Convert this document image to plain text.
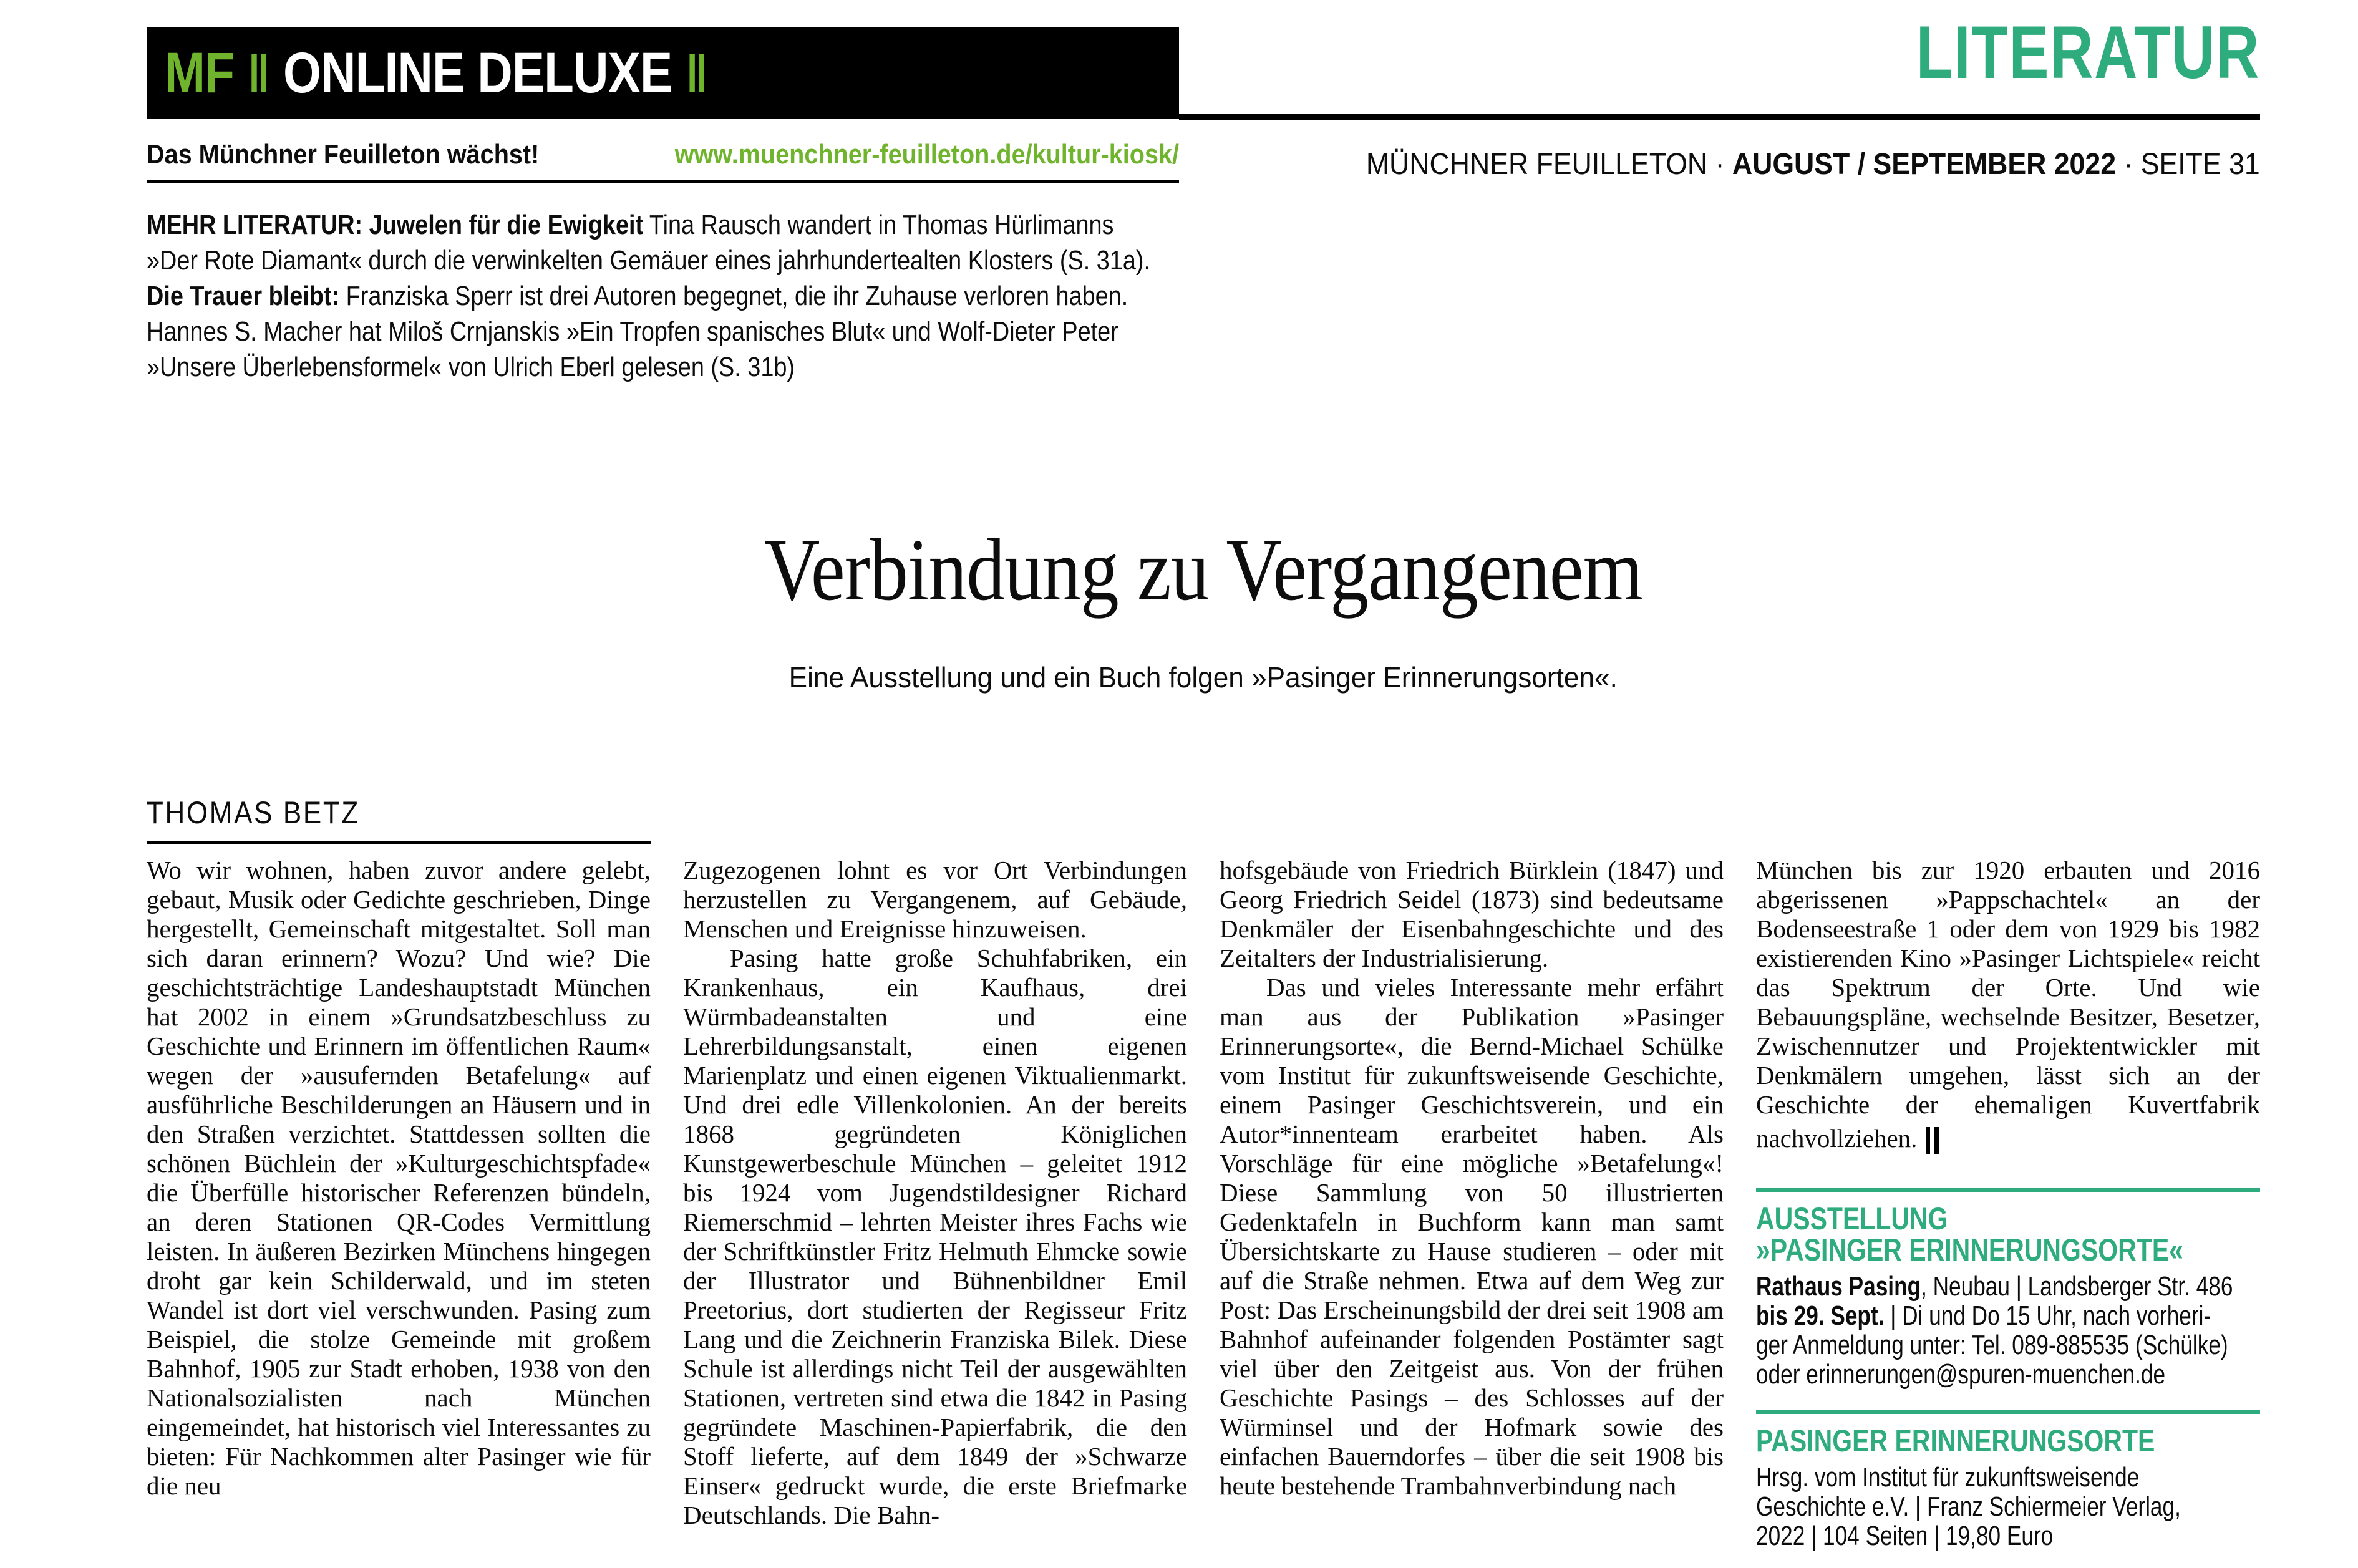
MF ‖ ONLINE DELUXE ‖
Das Münchner Feuilleton wächst!	www.muenchner-feuilleton.de/kultur-kiosk/
MEHR LITERATUR: Juwelen für die Ewigkeit Tina Rausch wandert in Thomas Hürlimanns
»Der Rote Diamant« durch die verwinkelten Gemäuer eines jahrhundertealten Klosters (S. 31a).
Die Trauer bleibt: Franziska Sperr ist drei Autoren begegnet, die ihr Zuhause verloren haben.
Hannes S. Macher hat Miloš Crnjanskis »Ein Tropfen spanisches Blut« und Wolf-Dieter Peter
»Unsere Überlebensformel« von Ulrich Eberl gelesen (S. 31b)
LITERATUR
MÜNCHNER FEUILLETON · AUGUST / SEPTEMBER 2022 · SEITE 31
Verbindung zu Vergangenem
Eine Ausstellung und ein Buch folgen »Pasinger Erinnerungsorten«.
THOMAS BETZ

Wo wir wohnen, haben zuvor andere gelebt, gebaut, Musik oder Gedichte geschrieben, Dinge hergestellt, Gemeinschaft mitgestaltet. Soll man sich daran erinnern? Wozu? Und wie? Die geschichtsträchtige Landeshauptstadt München hat 2002 in einem »Grundsatzbeschluss zu Geschichte und Erinnern im öffentlichen Raum« wegen der »ausufernden Betafelung« auf ausführliche Beschilderungen an Häusern und in den Straßen verzichtet. Stattdessen sollten die schönen Büchlein der »Kulturgeschichtspfade« die Überfülle historischer Referenzen bündeln, an deren Stationen QR-Codes Vermittlung leisten. In äußeren Bezirken Münchens hingegen droht gar kein Schilderwald, und im steten Wandel ist dort viel verschwunden. Pasing zum Beispiel, die stolze Gemeinde mit großem Bahnhof, 1905 zur Stadt erhoben, 1938 von den Nationalsozialisten nach München eingemeindet, hat historisch viel Interessantes zu bieten: Für Nachkommen alter Pasinger wie für die neu

Zugezogenen lohnt es vor Ort Verbindungen herzustellen zu Vergangenem, auf Gebäude, Menschen und Ereignisse hinzuweisen.

Pasing hatte große Schuhfabriken, ein Krankenhaus, ein Kaufhaus, drei Würmbadeanstalten und eine Lehrerbildungsanstalt, einen eigenen Marienplatz und einen eigenen Viktualienmarkt. Und drei edle Villenkolonien. An der bereits 1868 gegründeten Königlichen Kunstgewerbeschule München – geleitet 1912 bis 1924 vom Jugendstildesigner Richard Riemerschmid – lehrten Meister ihres Fachs wie der Schriftkünstler Fritz Helmuth Ehmcke sowie der Illustrator und Bühnenbildner Emil Preetorius, dort studierten der Regisseur Fritz Lang und die Zeichnerin Franziska Bilek. Diese Schule ist allerdings nicht Teil der ausgewählten Stationen, vertreten sind etwa die 1842 in Pasing gegründete Maschinen-Papierfabrik, die den Stoff lieferte, auf dem 1849 der »Schwarze Einser« gedruckt wurde, die erste Briefmarke Deutschlands. Die Bahn-

hofsgebäude von Friedrich Bürklein (1847) und Georg Friedrich Seidel (1873) sind bedeutsame Denkmäler der Eisenbahngeschichte und des Zeitalters der Industrialisierung.

Das und vieles Interessante mehr erfährt man aus der Publikation »Pasinger Erinnerungsorte«, die Bernd-Michael Schülke vom Institut für zukunftsweisende Geschichte, einem Pasinger Geschichtsverein, und ein Autor*innenteam erarbeitet haben. Als Vorschläge für eine mögliche »Betafelung«! Diese Sammlung von 50 illustrierten Gedenktafeln in Buchform kann man samt Übersichtskarte zu Hause studieren – oder mit auf die Straße nehmen. Etwa auf dem Weg zur Post: Das Erscheinungsbild der drei seit 1908 am Bahnhof aufeinander folgenden Postämter sagt viel über den Zeitgeist aus. Von der frühen Geschichte Pasings – des Schlosses auf der Würminsel und der Hofmark sowie des einfachen Bauerndorfes – über die seit 1908 bis heute bestehende Trambahnverbindung nach

München bis zur 1920 erbauten und 2016 abgerissenen »Pappschachtel« an der Bodenseestraße 1 oder dem von 1929 bis 1982 existierenden Kino »Pasinger Lichtspiele« reicht das Spektrum der Orte. Und wie Bebauungspläne, wechselnde Besitzer, Besetzer, Zwischennutzer und Projektentwickler mit Denkmälern umgehen, lässt sich an der Geschichte der ehemaligen Kuvertfabrik nachvollziehen.

AUSSTELLUNG
»PASINGER ERINNERUNGSORTE«
Rathaus Pasing, Neubau | Landsberger Str. 486
bis 29. Sept. | Di und Do 15 Uhr, nach vorheri-
ger Anmeldung unter: Tel. 089-885535 (Schülke)
oder erinnerungen@spuren-muenchen.de
PASINGER ERINNERUNGSORTE
Hrsg. vom Institut für zukunftsweisende
Geschichte e.V. | Franz Schiermeier Verlag,
2022 | 104 Seiten | 19,80 Euro
